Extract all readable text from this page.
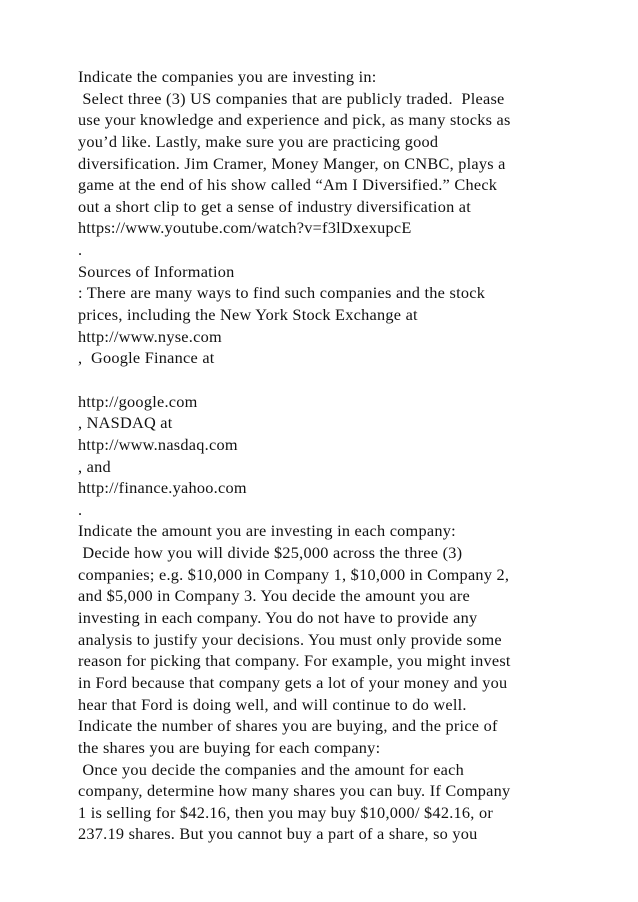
Indicate the companies you are investing in:
Select three (3) US companies that are publicly traded.  Please
use your knowledge and experience and pick, as many stocks as
you’d like. Lastly, make sure you are practicing good
diversification. Jim Cramer, Money Manger, on CNBC, plays a
game at the end of his show called “Am I Diversified.” Check
out a short clip to get a sense of industry diversification at
https://www.youtube.com/watch?v=f3lDxexupcE
.
Sources of Information
: There are many ways to find such companies and the stock
prices, including the New York Stock Exchange at
http://www.nyse.com
,  Google Finance at
http://google.com
, NASDAQ at
http://www.nasdaq.com
, and
http://finance.yahoo.com
.
Indicate the amount you are investing in each company:
Decide how you will divide $25,000 across the three (3)
companies; e.g. $10,000 in Company 1, $10,000 in Company 2,
and $5,000 in Company 3. You decide the amount you are
investing in each company. You do not have to provide any
analysis to justify your decisions. You must only provide some
reason for picking that company. For example, you might invest
in Ford because that company gets a lot of your money and you
hear that Ford is doing well, and will continue to do well.
Indicate the number of shares you are buying, and the price of
the shares you are buying for each company:
Once you decide the companies and the amount for each
company, determine how many shares you can buy. If Company
1 is selling for $42.16, then you may buy $10,000/ $42.16, or
237.19 shares. But you cannot buy a part of a share, so you
